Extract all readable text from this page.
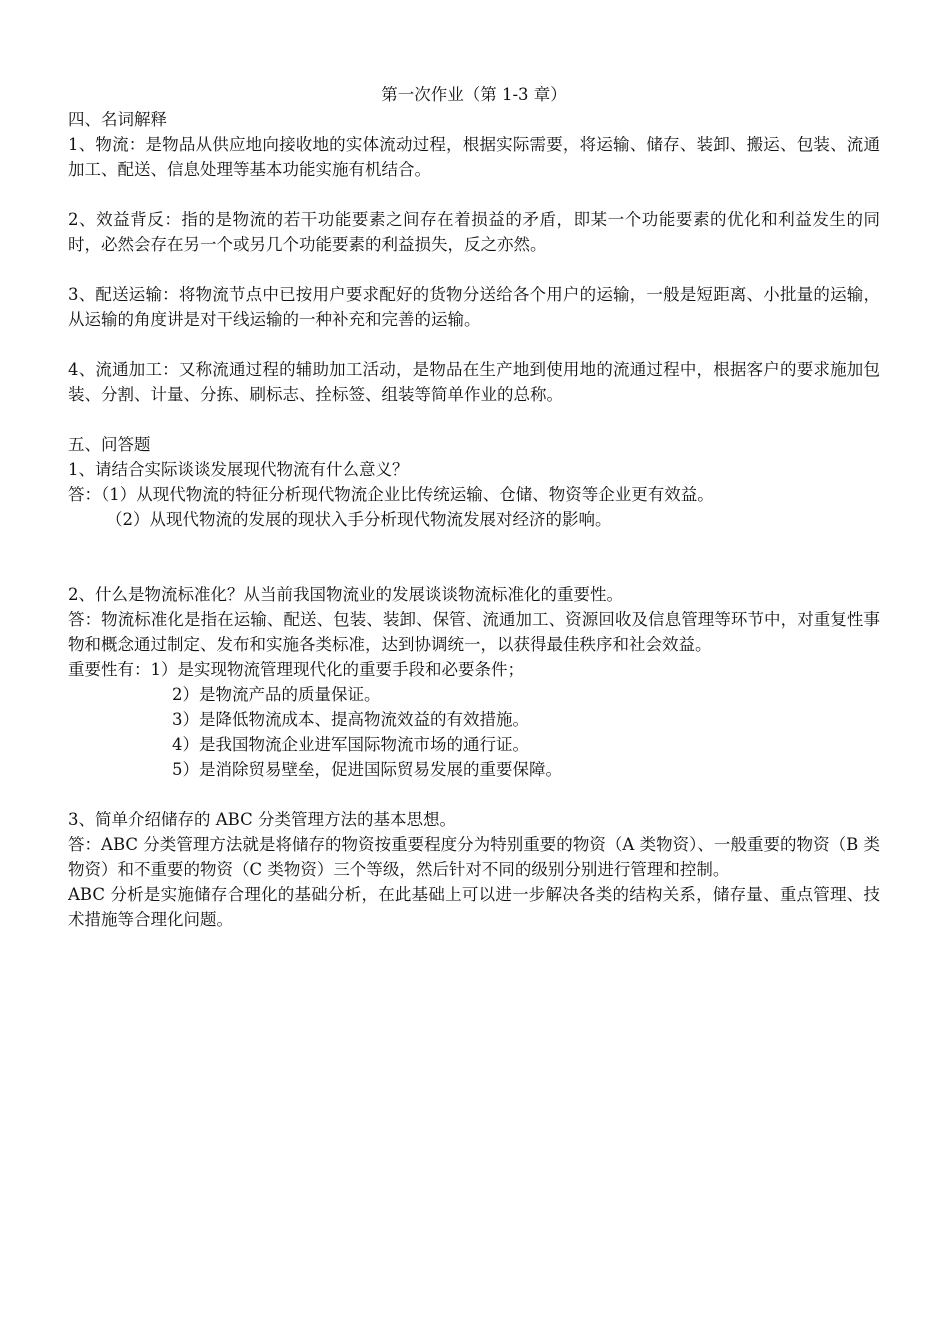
第一次作业（第 1-3 章）

四、名词解释

1、物流：是物品从供应地向接收地的实体流动过程，根据实际需要，将运输、储存、装卸、搬运、包装、流通加工、配送、信息处理等基本功能实施有机结合。

2、效益背反：指的是物流的若干功能要素之间存在着损益的矛盾，即某一个功能要素的优化和利益发生的同时，必然会存在另一个或另几个功能要素的利益损失，反之亦然。

3、配送运输：将物流节点中已按用户要求配好的货物分送给各个用户的运输，一般是短距离、小批量的运输，从运输的角度讲是对干线运输的一种补充和完善的运输。

4、流通加工：又称流通过程的辅助加工活动，是物品在生产地到使用地的流通过程中，根据客户的要求施加包装、分割、计量、分拣、刷标志、拴标签、组装等简单作业的总称。

五、问答题

1、请结合实际谈谈发展现代物流有什么意义？

答：（1）从现代物流的特征分析现代物流企业比传统运输、仓储、物资等企业更有效益。

（2）从现代物流的发展的现状入手分析现代物流发展对经济的影响。

2、什么是物流标准化？从当前我国物流业的发展谈谈物流标准化的重要性。

答：物流标准化是指在运输、配送、包装、装卸、保管、流通加工、资源回收及信息管理等环节中，对重复性事物和概念通过制定、发布和实施各类标准，达到协调统一，以获得最佳秩序和社会效益。

重要性有：1）是实现物流管理现代化的重要手段和必要条件；

2）是物流产品的质量保证。

3）是降低物流成本、提高物流效益的有效措施。

4）是我国物流企业进军国际物流市场的通行证。

5）是消除贸易壁垒，促进国际贸易发展的重要保障。

3、简单介绍储存的 ABC 分类管理方法的基本思想。

答：ABC 分类管理方法就是将储存的物资按重要程度分为特别重要的物资（A 类物资）、一般重要的物资（B 类物资）和不重要的物资（C 类物资）三个等级，然后针对不同的级别分别进行管理和控制。

ABC 分析是实施储存合理化的基础分析，在此基础上可以进一步解决各类的结构关系，储存量、重点管理、技术措施等合理化问题。
